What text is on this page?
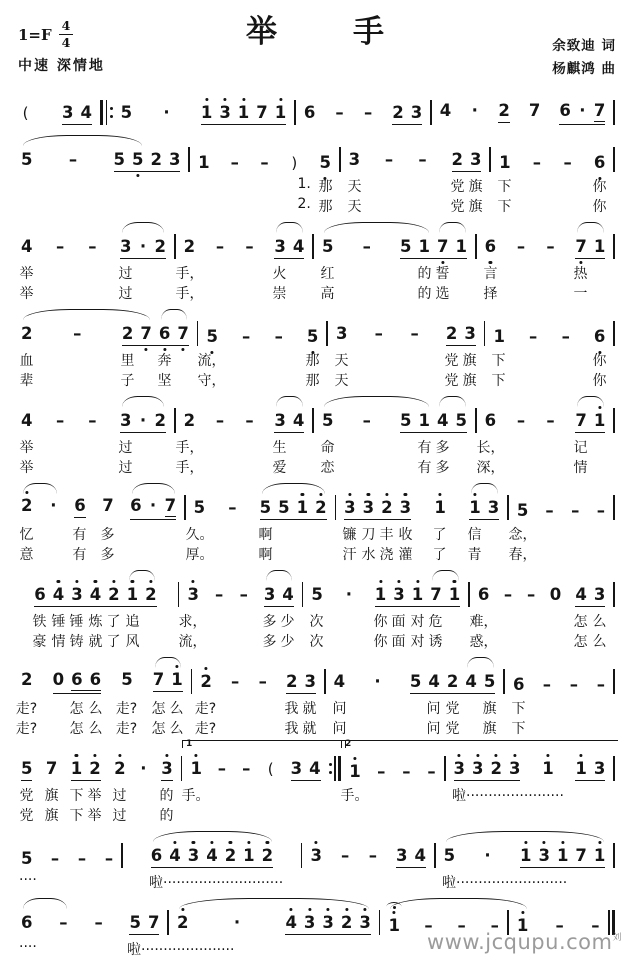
$1=F \frac{4}{4}$	举手
中速 深情地
余致迪 词
杨麒鸿 曲
( 3 4 5 · 1 3 1 7 1 6 – – 2 3 4 · 2 7 6 · 7
5 – 5 5 2 3 1 – – ) 5 3 – – 2 3 1 – – 6
1. 那 天	党 旗 下	你
2. 那 天	党 旗 下	你
4 – – 3 · 2 2 – – 3 4 5 – 5 1 7 1 6 – – 7 1
举	过	手，	火 红	的 誓 言	热
举	过	手，	崇 高	的 选 择	一
2 – 2 7 6 7 5 – – 5 3 – – 2 3 1 – – 6
血	里 奔 流，	那 天	党 旗 下	你
辈	子 坚 守，	那 天	党 旗 下	你
4 – – 3 · 2 2 – – 3 4 5 – 5 1 4 5 6 – – 7 1
举	过	手，	生 命	有 多 长，	记
举	过	手，	爱 恋	有 多 深，	情
2 · 6 7 6 · 7 5 – 5 5 1 2 3 3 2 3 1 1 3 5 – – –
忆	有 多	久。	啊	镰 刀 丰 收 了 信 念，
意	有 多	厚。	啊	汗 水 浇 灌 了 青 春，
6 4 3 4 2 1 2 3 – – 3 4 5 · 1 3 1 7 1 6 – – 0 4 3
铁 锤 锤 炼 了 追	求，	多 少 次	你 面 对 危 难，	怎 么
豪 情 铸 就 了 风	流，	多 少 次	你 面 对 诱 惑，	怎 么
2 0 6 6 5 7 1 2 – – 2 3 4 · 5 4 2 4 5 6 – – –
走? 怎 么 走? 怎 么 走?	我 就 问	问 党 旗 下
走? 怎 么 走? 怎 么 走?	我 就 问	问 党 旗 下
5 7 1 2 2 · 3 1 – – ( 3 4 1 – – – 3 3 2 3 1 1 3
1	2
党 旗 下 举 过 的 手。	手。	啦······················
党 旗 下 举 过 的
5 – – – 6 4 3 4 2 1 2 3 – – 3 4 5 · 1 3 1 7 1
····	啦···························	啦·························
6 – – 5 7 2	·	4 3 3 2 3 1 – – – 1 – –
····	啦·····················	www.jcqupu.com$^刘$
